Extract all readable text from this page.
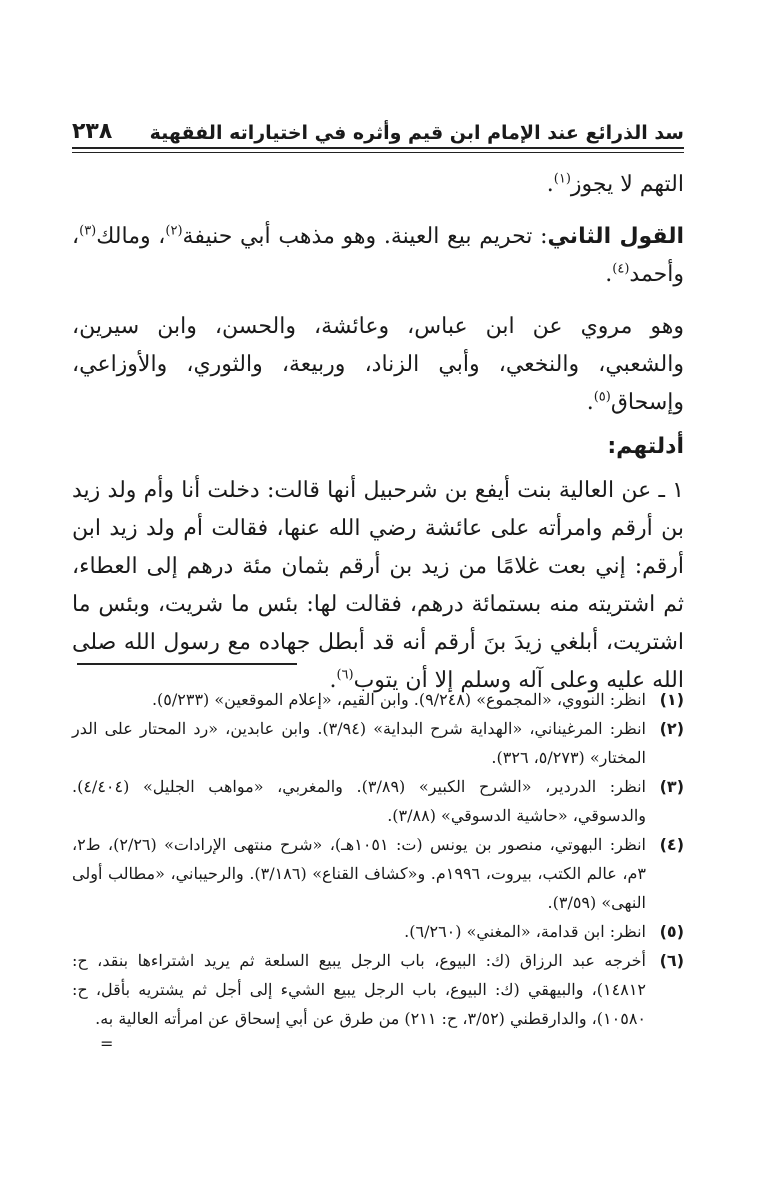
سد الذرائع عند الإمام ابن قيم وأثره في اختياراته الفقهية
٢٣٨

التهم لا يجوز$^{(١)}$.

القول الثاني: تحريم بيع العينة. وهو مذهب أبي حنيفة$^{(٢)}$، ومالك$^{(٣)}$، وأحمد$^{(٤)}$.

وهو مروي عن ابن عباس، وعائشة، والحسن، وابن سيرين، والشعبي، والنخعي، وأبي الزناد، وربيعة، والثوري، والأوزاعي، وإسحاق$^{(٥)}$.

أدلتهم:

١ ـ عن العالية بنت أيفع بن شرحبيل أنها قالت: دخلت أنا وأم ولد زيد بن أرقم وامرأته على عائشة رضي الله عنها، فقالت أم ولد زيد ابن أرقم: إني بعت غلامًا من زيد بن أرقم بثمان مئة درهم إلى العطاء، ثم اشتريته منه بستمائة درهم، فقالت لها: بئس ما شريت، وبئس ما اشتريت، أبلغي زيدَ بنَ أرقم أنه قد أبطل جهاده مع رسول الله صلى الله عليه وعلى آله وسلم إلا أن يتوب$^{(٦)}$.

(١)
انظر: النووي، «المجموع» (٩/٢٤٨). وابن القيم، «إعلام الموقعين» (٥/٢٣٣).
(٢)
انظر: المرغيناني، «الهداية شرح البداية» (٣/٩٤). وابن عابدين، «رد المحتار على الدر المختار» (٥/٢٧٣، ٣٢٦).
(٣)
انظر: الدردير، «الشرح الكبير» (٣/٨٩). والمغربي، «مواهب الجليل» (٤/٤٠٤). والدسوقي، «حاشية الدسوقي» (٣/٨٨).
(٤)
انظر: البهوتي، منصور بن يونس (ت: ١٠٥١هـ)، «شرح منتهى الإرادات» (٢/٢٦)، ط٢، ٣م، عالم الكتب، بيروت، ١٩٩٦م. و«كشاف القناع» (٣/١٨٦). والرحيباني، «مطالب أولى النهى» (٣/٥٩).
(٥)
انظر: ابن قدامة، «المغني» (٦/٢٦٠).
(٦)
أخرجه عبد الرزاق (ك: البيوع، باب الرجل يبيع السلعة ثم يريد اشتراءها بنقد، ح: ١٤٨١٢)، والبيهقي (ك: البيوع، باب الرجل يبيع الشيء إلى أجل ثم يشتريه بأقل، ح: ١٠٥٨٠)، والدارقطني (٣/٥٢، ح: ٢١١) من طرق عن أبي إسحاق عن امرأته العالية به.
=
